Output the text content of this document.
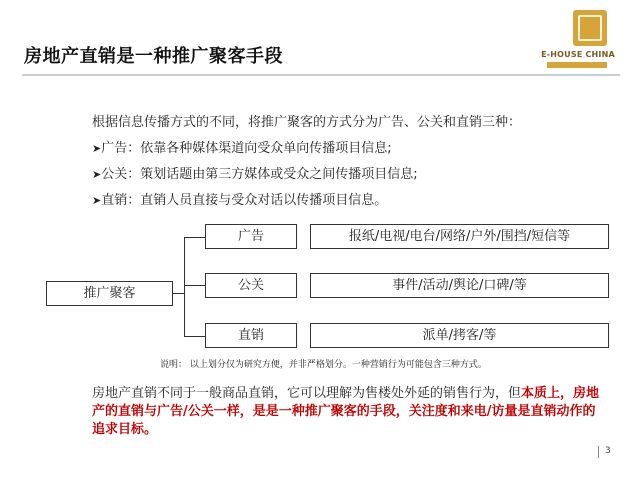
房地产直销是一种推广聚客手段	E-HOUSE CHINA
根据信息传播方式的不同，将推广聚客的方式分为广告、公关和直销三种：
➤广告：依靠各种媒体渠道向受众单向传播项目信息;
➤公关：策划话题由第三方媒体或受众之间传播项目信息;
➤直销：直销人员直接与受众对话以传播项目信息。
推广聚客
广告
公关
直销
报纸/电视/电台/网络/户外/围挡/短信等
事件/活动/舆论/口碑/等
派单/拷客/等
说明： 以上划分仅为研究方便，并非严格划分。一种营销行为可能包含三种方式。
房地产直销不同于一般商品直销，它可以理解为售楼处外延的销售行为，但本质上，房地产的直销与广告/公关一样，是是一种推广聚客的手段，关注度和来电/访量是直销动作的追求目标。
3
